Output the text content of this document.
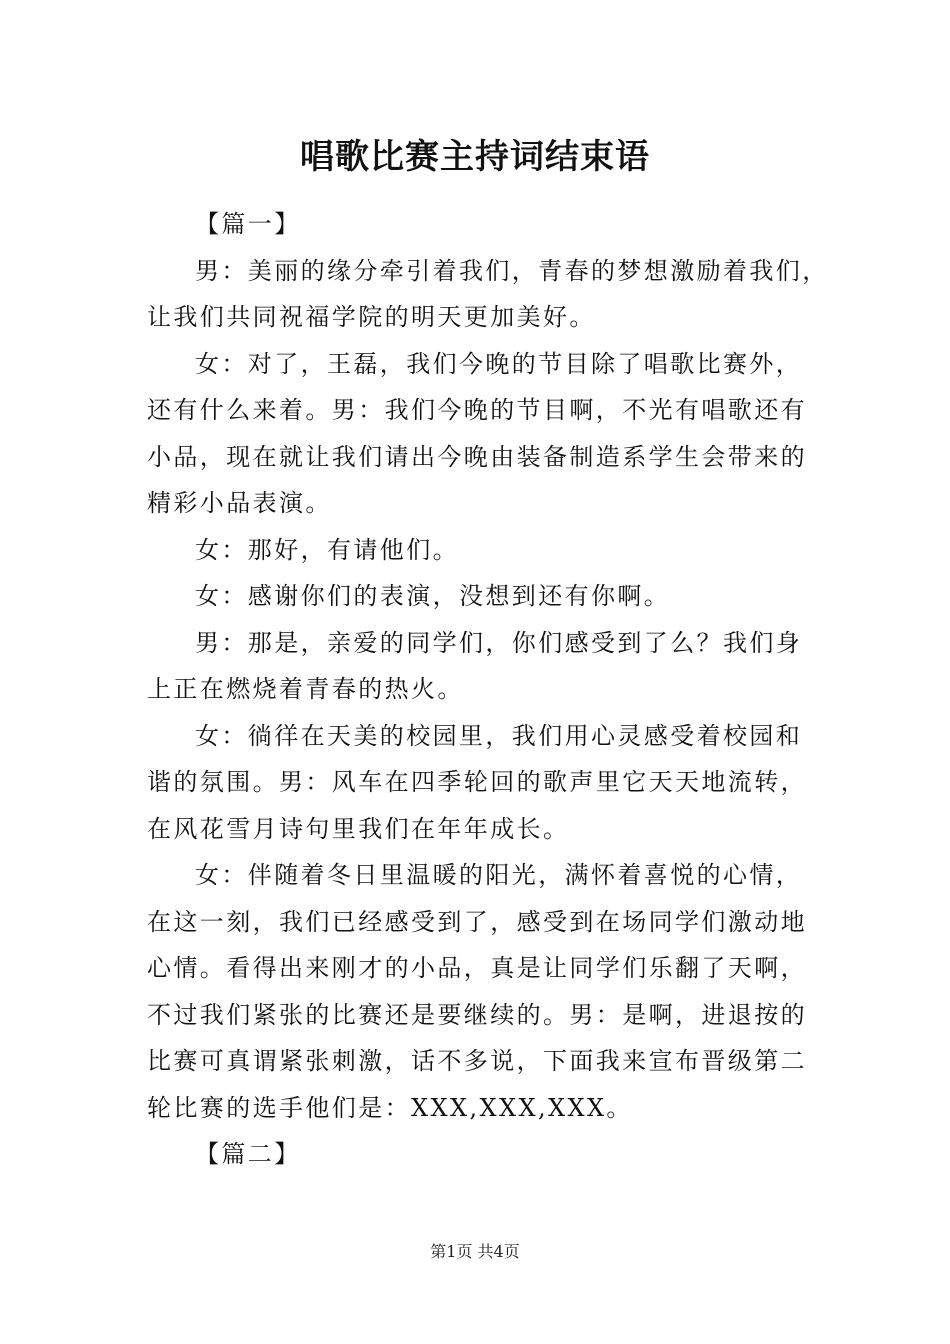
唱歌比赛主持词结束语
【篇一】
男：美丽的缘分牵引着我们，青春的梦想激励着我们，
让我们共同祝福学院的明天更加美好。
女：对了，王磊，我们今晚的节目除了唱歌比赛外，
还有什么来着。男：我们今晚的节目啊，不光有唱歌还有
小品，现在就让我们请出今晚由装备制造系学生会带来的
精彩小品表演。
女：那好，有请他们。
女：感谢你们的表演，没想到还有你啊。
男：那是，亲爱的同学们，你们感受到了么？我们身
上正在燃烧着青春的热火。
女：徜徉在天美的校园里，我们用心灵感受着校园和
谐的氛围。男：风车在四季轮回的歌声里它天天地流转，
在风花雪月诗句里我们在年年成长。
女：伴随着冬日里温暖的阳光，满怀着喜悦的心情，
在这一刻，我们已经感受到了，感受到在场同学们激动地
心情。看得出来刚才的小品，真是让同学们乐翻了天啊，
不过我们紧张的比赛还是要继续的。男：是啊，进退按的
比赛可真谓紧张刺激，话不多说，下面我来宣布晋级第二
轮比赛的选手他们是：XXX,XXX,XXX。
【篇二】
第1页 共4页
